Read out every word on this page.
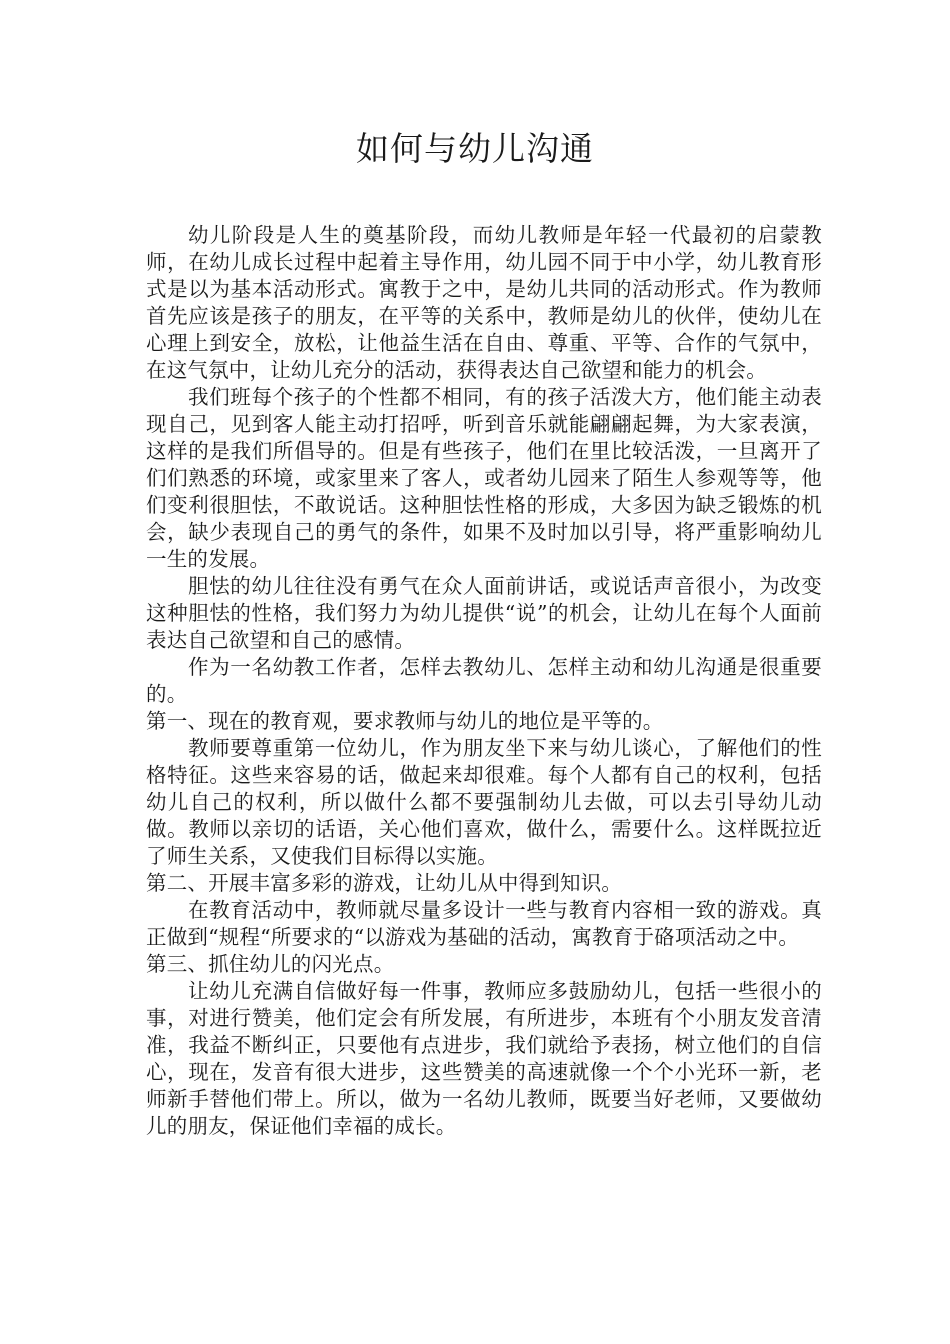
如何与幼儿沟通

幼儿阶段是人生的奠基阶段，而幼儿教师是年轻一代最初的启蒙教师，在幼儿成长过程中起着主导作用，幼儿园不同于中小学，幼儿教育形式是以为基本活动形式。寓教于之中，是幼儿共同的活动形式。作为教师首先应该是孩子的朋友，在平等的关系中，教师是幼儿的伙伴，使幼儿在心理上到安全，放松，让他益生活在自由、尊重、平等、合作的气氛中，在这气氛中，让幼儿充分的活动，获得表达自己欲望和能力的机会。

我们班每个孩子的个性都不相同，有的孩子活泼大方，他们能主动表现自己，见到客人能主动打招呼，听到音乐就能翩翩起舞，为大家表演，这样的是我们所倡导的。但是有些孩子，他们在里比较活泼，一旦离开了们们熟悉的环境，或家里来了客人，或者幼儿园来了陌生人参观等等，他们变利很胆怯，不敢说话。这种胆怯性格的形成，大多因为缺乏锻炼的机会，缺少表现自己的勇气的条件，如果不及时加以引导，将严重影响幼儿一生的发展。

胆怯的幼儿往往没有勇气在众人面前讲话，或说话声音很小，为改变这种胆怯的性格，我们努力为幼儿提供“说”的机会，让幼儿在每个人面前表达自己欲望和自己的感情。

作为一名幼教工作者，怎样去教幼儿、怎样主动和幼儿沟通是很重要的。

第一、现在的教育观，要求教师与幼儿的地位是平等的。

教师要尊重第一位幼儿，作为朋友坐下来与幼儿谈心，了解他们的性格特征。这些来容易的话，做起来却很难。每个人都有自己的权利，包括幼儿自己的权利，所以做什么都不要强制幼儿去做，可以去引导幼儿动做。教师以亲切的话语，关心他们喜欢，做什么，需要什么。这样既拉近了师生关系，又使我们目标得以实施。

第二、开展丰富多彩的游戏，让幼儿从中得到知识。

在教育活动中，教师就尽量多设计一些与教育内容相一致的游戏。真正做到“规程“所要求的“以游戏为基础的活动，寓教育于硌项活动之中。

第三、抓住幼儿的闪光点。

让幼儿充满自信做好每一件事，教师应多鼓励幼儿，包括一些很小的事，对进行赞美，他们定会有所发展，有所进步，本班有个小朋友发音清准，我益不断纠正，只要他有点进步，我们就给予表扬，树立他们的自信心，现在，发音有很大进步，这些赞美的高速就像一个个小光环一新，老师新手替他们带上。所以，做为一名幼儿教师，既要当好老师，又要做幼儿的朋友，保证他们幸福的成长。
